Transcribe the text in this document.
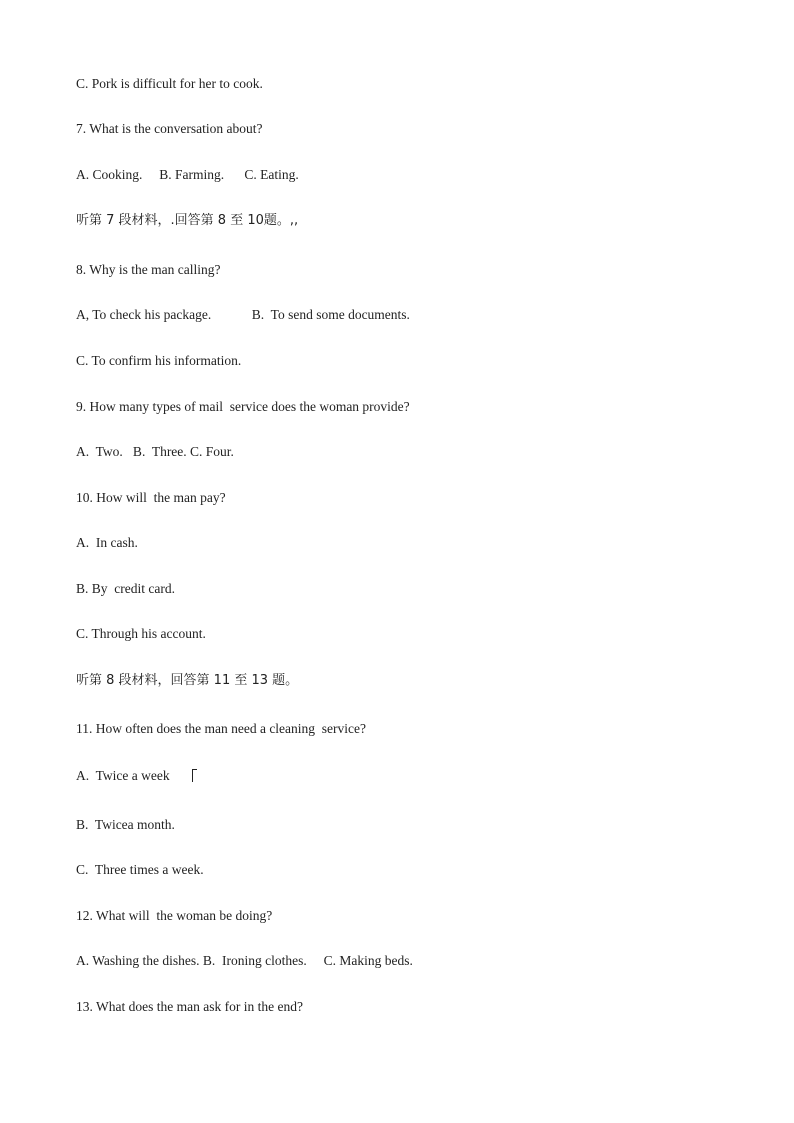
C. Pork is difficult for her to cook.
7. What is the conversation about?
A. Cooking.     B. Farming.      C. Eating.
听第 7 段材料，.回答第 8 至 10题。,,
8. Why is the man calling?
A, To check his package.            B.  To send some documents.
C. To confirm his information.
9. How many types of mail  service does the woman provide?
A.  Two.   B.  Three. C. Four.
10. How will  the man pay?
A.  In cash.
B. By  credit card.
C. Through his account.
听第 8 段材料，回答第 11 至 13 题。
11. How often does the man need a cleaning  service?
A.  Twice a week
B.  Twicea month.
C.  Three times a week.
12. What will  the woman be doing?
A. Washing the dishes. B.  Ironing clothes.     C. Making beds.
13. What does the man ask for in the end?
